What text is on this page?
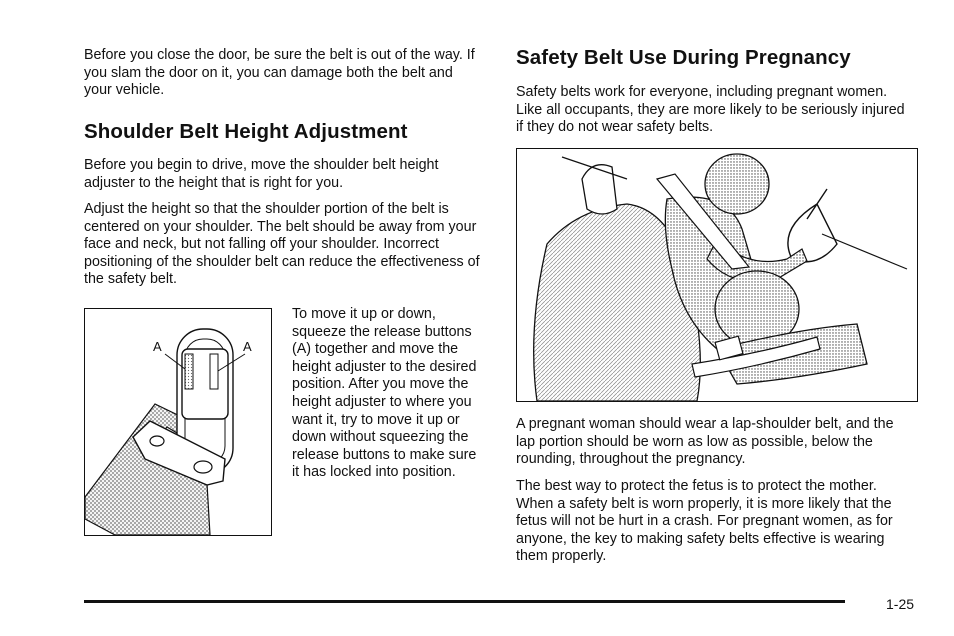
Before you close the door, be sure the belt is out of the way. If you slam the door on it, you can damage both the belt and your vehicle.

Shoulder Belt Height Adjustment

Before you begin to drive, move the shoulder belt height adjuster to the height that is right for you.

Adjust the height so that the shoulder portion of the belt is centered on your shoulder. The belt should be away from your face and neck, but not falling off your shoulder. Incorrect positioning of the shoulder belt can reduce the effectiveness of the safety belt.

A	A

To move it up or down, squeeze the release buttons (A) together and move the height adjuster to the desired position. After you move the height adjuster to where you want it, try to move it up or down without squeezing the release buttons to make sure it has locked into position.

Safety Belt Use During Pregnancy

Safety belts work for everyone, including pregnant women. Like all occupants, they are more likely to be seriously injured if they do not wear safety belts.

A pregnant woman should wear a lap-shoulder belt, and the lap portion should be worn as low as possible, below the rounding, throughout the pregnancy.

The best way to protect the fetus is to protect the mother. When a safety belt is worn properly, it is more likely that the fetus will not be hurt in a crash. For pregnant women, as for anyone, the key to making safety belts effective is wearing them properly.

1-25
